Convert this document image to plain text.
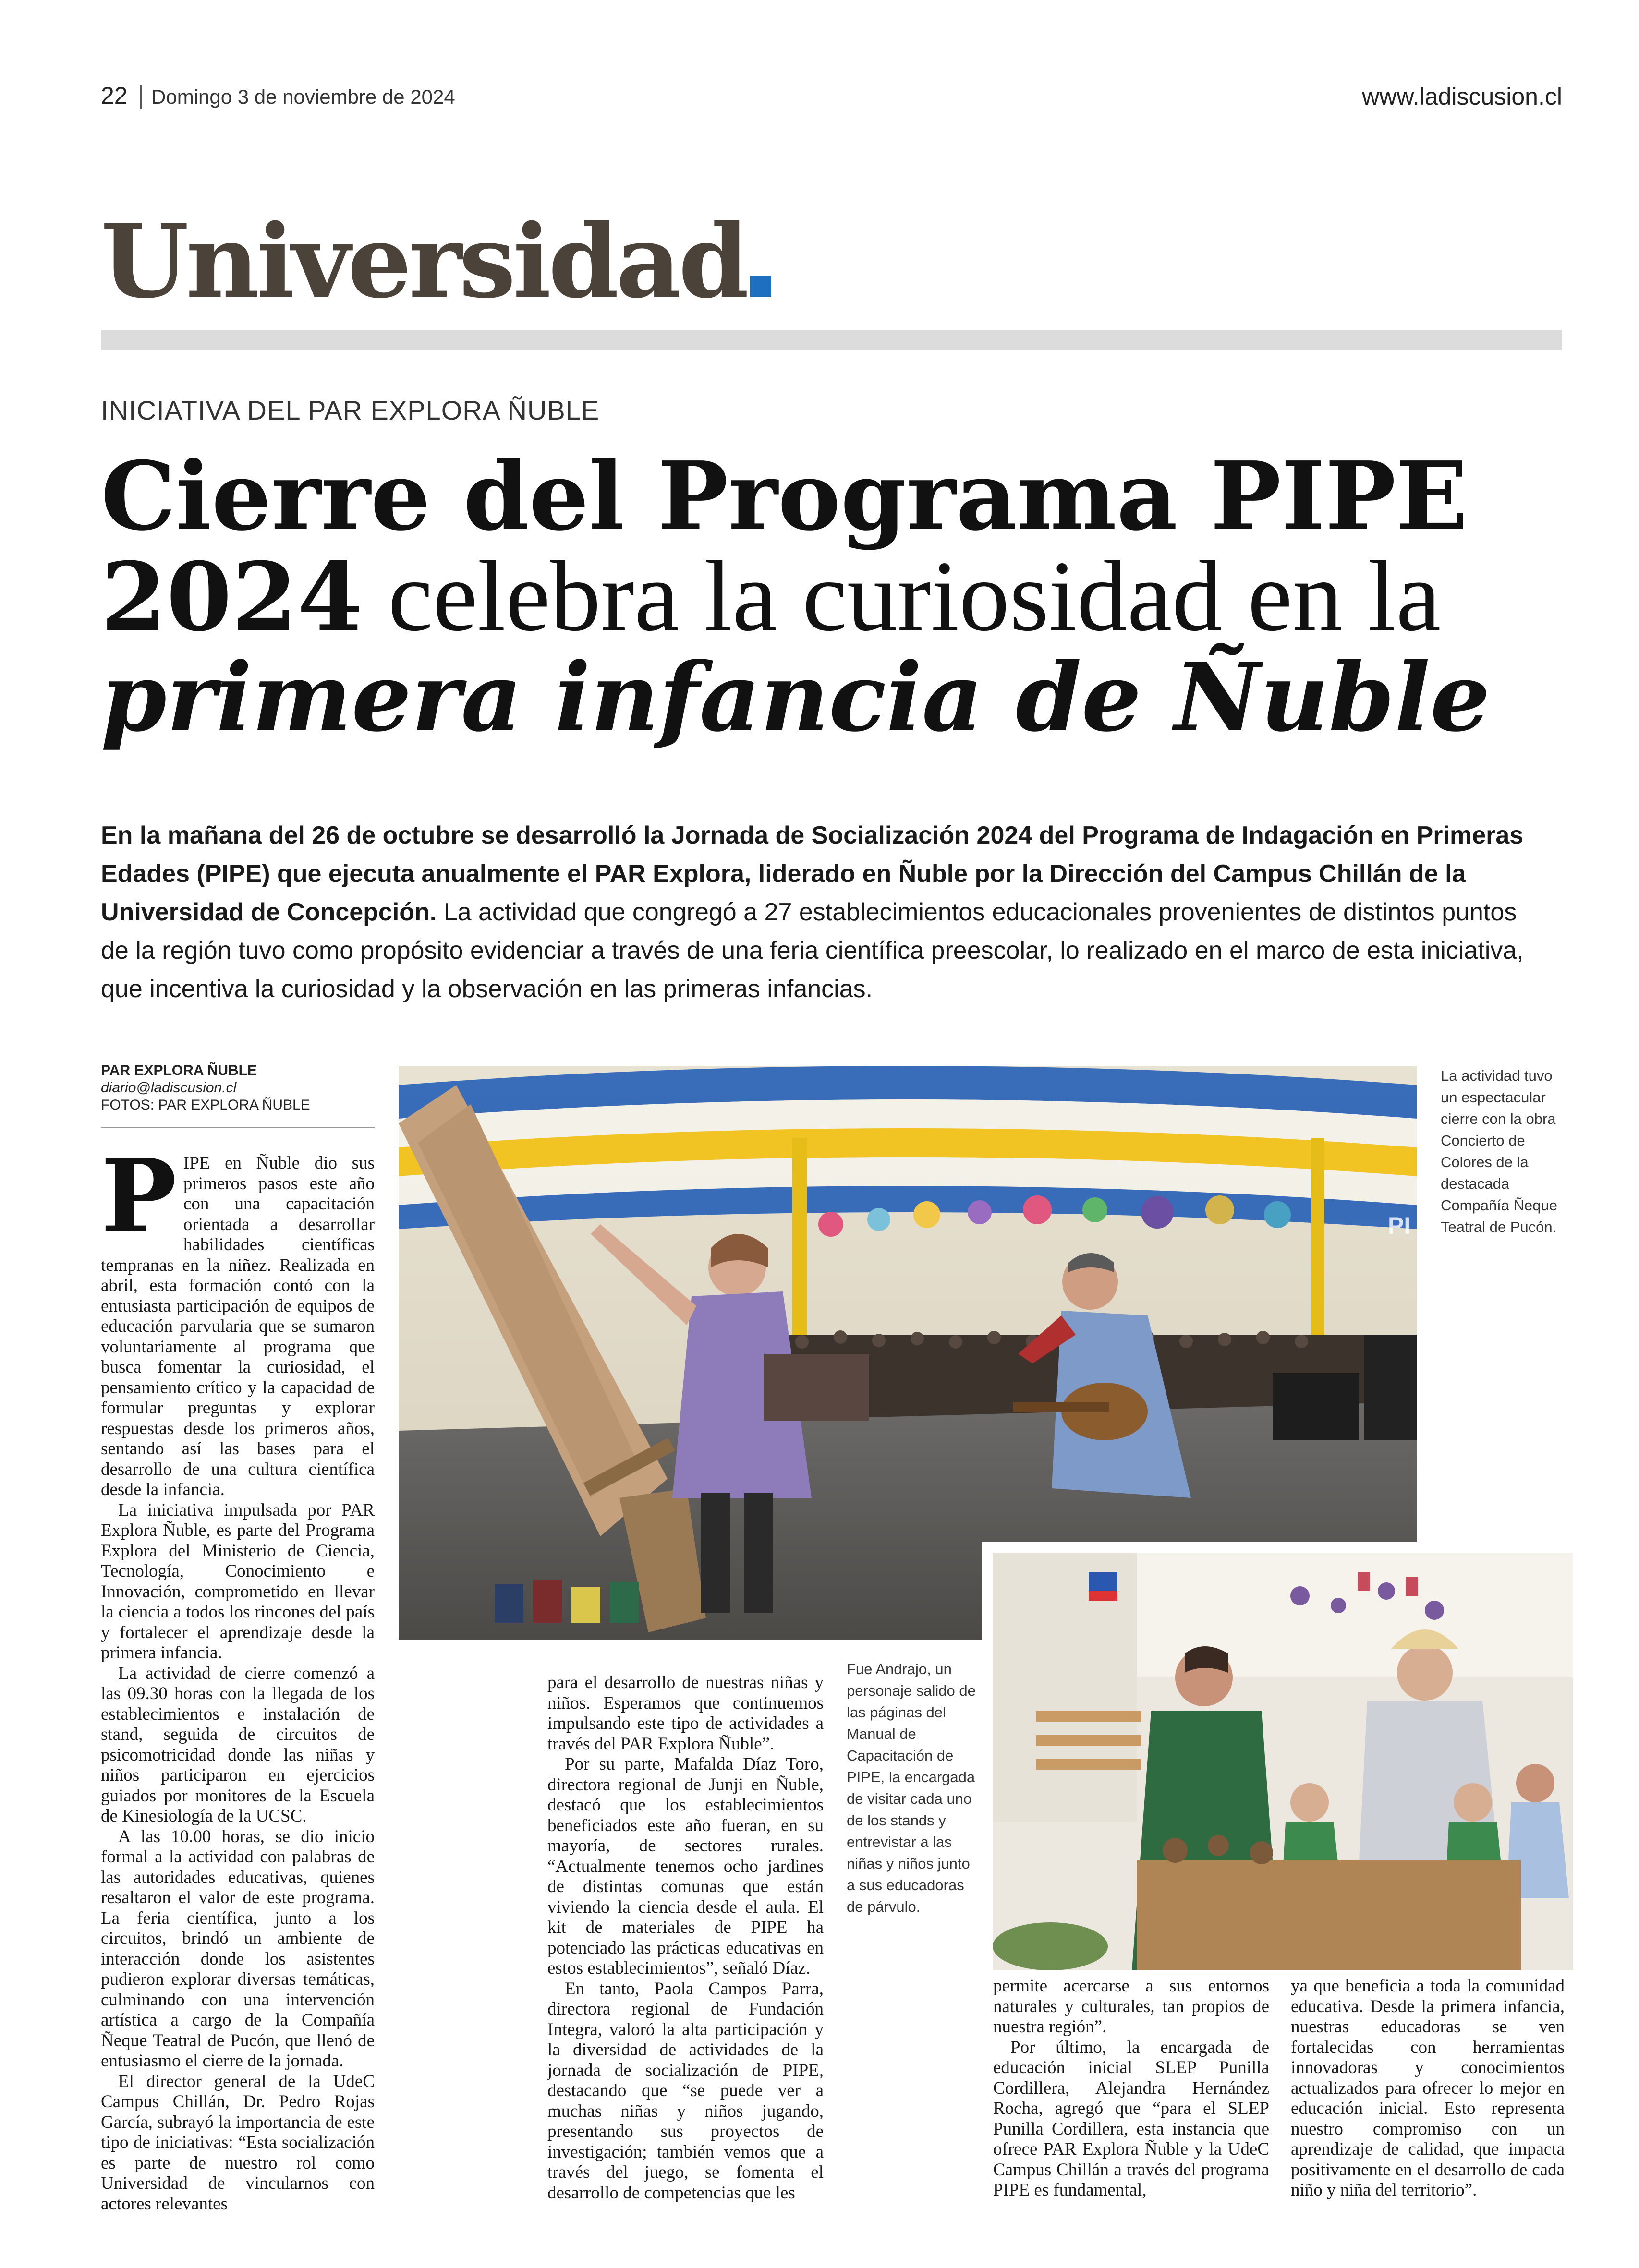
22 Domingo 3 de noviembre de 2024	www.ladiscusion.cl
Universidad
INICIATIVA DEL PAR EXPLORA ÑUBLE
Cierre del Programa PIPE
2024 celebra la curiosidad en la
primera infancia de Ñuble
En la mañana del 26 de octubre se desarrolló la Jornada de Socialización 2024 del Programa de Indagación en Primeras Edades (PIPE) que ejecuta anualmente el PAR Explora, liderado en Ñuble por la Dirección del Campus Chillán de la Universidad de Concepción. La actividad que congregó a 27 establecimientos educacionales provenientes de distintos puntos de la región tuvo como propósito evidenciar a través de una feria científica preescolar, lo realizado en el marco de esta iniciativa, que incentiva la curiosidad y la observación en las primeras infancias.
PAR EXPLORA ÑUBLE
diario@ladiscusion.cl
FOTOS: PAR EXPLORA ÑUBLE
PI
La actividad tuvo un espectacular cierre con la obra Concierto de Colores de la destacada Compañía Ñeque Teatral de Pucón.
Fue Andrajo, un personaje salido de las páginas del Manual de Capacitación de PIPE, la encargada de visitar cada uno de los stands y entrevistar a las niñas y niños junto a sus educadoras de párvulo.

PIPE en Ñuble dio sus primeros pasos este año con una capacitación orientada a desarrollar habilidades científicas tempranas en la niñez. Realizada en abril, esta formación contó con la entusiasta participación de equipos de educación parvularia que se sumaron voluntariamente al programa que busca fomentar la curiosidad, el pensamiento crítico y la capacidad de formular preguntas y explorar respuestas desde los primeros años, sentando así las bases para el desarrollo de una cultura científica desde la infancia.

La iniciativa impulsada por PAR Explora Ñuble, es parte del Programa Explora del Ministerio de Ciencia, Tecnología, Conocimiento e Innovación, comprometido en llevar la ciencia a todos los rincones del país y fortalecer el aprendizaje desde la primera infancia.

La actividad de cierre comenzó a las 09.30 horas con la llegada de los establecimientos e instalación de stand, seguida de circuitos de psicomotricidad donde las niñas y niños participaron en ejercicios guiados por monitores de la Escuela de Kinesiología de la UCSC.

A las 10.00 horas, se dio inicio formal a la actividad con palabras de las autoridades educativas, quienes resaltaron el valor de este programa. La feria científica, junto a los circuitos, brindó un ambiente de interacción donde los asistentes pudieron explorar diversas temáticas, culminando con una intervención artística a cargo de la Compañía Ñeque Teatral de Pucón, que llenó de entusiasmo el cierre de la jornada.

El director general de la UdeC Campus Chillán, Dr. Pedro Rojas García, subrayó la importancia de este tipo de iniciativas: “Esta socialización es parte de nuestro rol como Universidad de vincularnos con actores relevantes

para el desarrollo de nuestras niñas y niños. Esperamos que continuemos impulsando este tipo de actividades a través del PAR Explora Ñuble”.

Por su parte, Mafalda Díaz Toro, directora regional de Junji en Ñuble, destacó que los establecimientos beneficiados este año fueran, en su mayoría, de sectores rurales. “Actualmente tenemos ocho jardines de distintas comunas que están viviendo la ciencia desde el aula. El kit de materiales de PIPE ha potenciado las prácticas educativas en estos establecimientos”, señaló Díaz.

En tanto, Paola Campos Parra, directora regional de Fundación Integra, valoró la alta participación y la diversidad de actividades de la jornada de socialización de PIPE, destacando que “se puede ver a muchas niñas y niños jugando, presentando sus proyectos de investigación; también vemos que a través del juego, se fomenta el desarrollo de competencias que les

permite acercarse a sus entornos naturales y culturales, tan propios de nuestra región”.

Por último, la encargada de educación inicial SLEP Punilla Cordillera, Alejandra Hernández Rocha, agregó que “para el SLEP Punilla Cordillera, esta instancia que ofrece PAR Explora Ñuble y la UdeC Campus Chillán a través del programa PIPE es fundamental,

ya que beneficia a toda la comunidad educativa. Desde la primera infancia, nuestras educadoras se ven fortalecidas con herramientas innovadoras y conocimientos actualizados para ofrecer lo mejor en educación inicial. Esto representa nuestro compromiso con un aprendizaje de calidad, que impacta positivamente en el desarrollo de cada niño y niña del territorio”.
